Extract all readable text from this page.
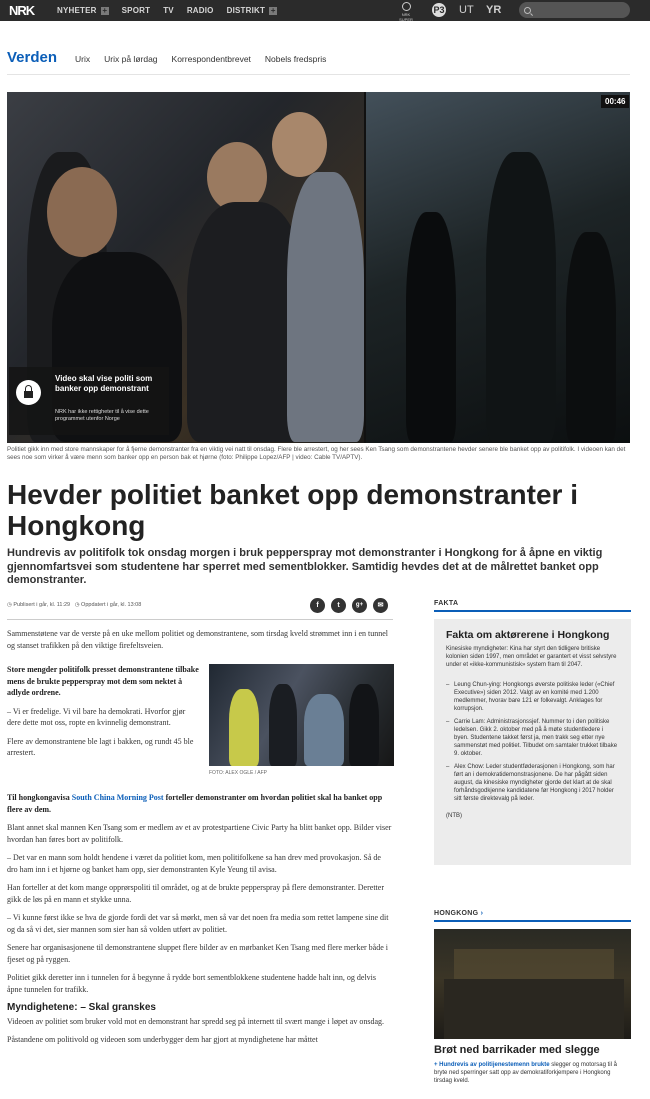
NRK	NYHETER + SPORT TV RADIO DISTRIKT +	NRK SUPER
P3 UT YR
Verden Urix Urix på lørdag Korrespondentbrevet Nobels fredspris
00:46
Video skal vise politi som banker opp demonstrant
NRK har ikke rettigheter til å vise dette programmet utenfor Norge
Politiet gikk inn med store mannskaper for å fjerne demonstranter fra en viktig vei natt til onsdag. Flere ble arrestert, og her sees Ken Tsang som demonstrantene hevder senere ble banket opp av politifolk. I videoen kan det sees noe som virker å være menn som banker opp en person bak et hjørne (foto: Philippe Lopez/AFP | video: Cable TV/APTV).
Hevder politiet banket opp demonstranter i Hongkong
Hundrevis av politifolk tok onsdag morgen i bruk pepperspray mot demonstranter i Hongkong for å åpne en viktig gjennomfartsvei som studentene har sperret med sementblokker. Samtidig hevdes det at de målrettet banket opp demonstranter.
◷ Publisert i går, kl. 11:29 ◷ Oppdatert i går, kl. 13:08	f	t	g+	✉

Sammenstøtene var de verste på en uke mellom politiet og demonstrantene, som tirsdag kveld strømmet inn i en tunnel og stanset trafikken på den viktige firefeltsveien.

Store mengder politifolk presset demonstrantene tilbake mens de brukte pepperspray mot dem som nektet å adlyde ordrene.

– Vi er fredelige. Vi vil bare ha demokrati. Hvorfor gjør dere dette mot oss, ropte en kvinnelig demonstrant.

Flere av demonstrantene ble lagt i bakken, og rundt 45 ble arrestert.

FOTO: ALEX OGLE / AFP

Til hongkongavisa South China Morning Post forteller demonstranter om hvordan politiet skal ha banket opp flere av dem.

Blant annet skal mannen Ken Tsang som er medlem av et av protestpartiene Civic Party ha blitt banket opp. Bilder viser hvordan han føres bort av politifolk.

– Det var en mann som holdt hendene i været da politiet kom, men politifolkene sa han drev med provokasjon. Så de dro ham inn i et hjørne og banket ham opp, sier demonstranten Kyle Yeung til avisa.

Han forteller at det kom mange opprørspoliti til området, og at de brukte pepperspray på flere demonstranter. Deretter gikk de løs på en mann et stykke unna.

– Vi kunne først ikke se hva de gjorde fordi det var så mørkt, men så var det noen fra media som rettet lampene sine dit og da så vi det, sier mannen som sier han så volden utført av politiet.

Senere har organisasjonene til demonstrantene sluppet flere bilder av en mørbanket Ken Tsang med flere merker både i fjeset og på ryggen.

Politiet gikk deretter inn i tunnelen for å begynne å rydde bort sementblokkene studentene hadde halt inn, og delvis åpne tunnelen for trafikk.

Myndighetene: – Skal granskes

Videoen av politiet som bruker vold mot en demonstrant har spredd seg på internett til svært mange i løpet av onsdag.

Påstandene om politivold og videoen som underbygger dem har gjort at myndighetene har måttet

FAKTA
Fakta om aktørerene i Hongkong
Kinesiske myndigheter: Kina har styrt den tidligere britiske kolonien siden 1997, men området er garantert et visst selvstyre under et «ikke-kommunistisk» system fram til 2047.
– Leung Chun-ying: Hongkongs øverste politiske leder («Chief Executive») siden 2012. Valgt av en komité med 1.200 medlemmer, hvorav bare 121 er folkevalgt. Anklages for korrupsjon.
– Carrie Lam: Administrasjonssjef. Nummer to i den politiske ledelsen. Gikk 2. oktober med på å møte studentledere i byen. Studentene takket først ja, men trakk seg etter nye sammenstøt med politiet. Tilbudet om samtaler trukket tilbake 9. oktober.
– Alex Chow: Leder studentføderasjonen i Hongkong, som har ført an i demokratidemonstrasjonene. De har pågått siden august, da kinesiske myndigheter gjorde det klart at de skal forhåndsgodkjenne kandidatene før Hongkong i 2017 holder sitt første direktevalg på leder.
(NTB)
HONGKONG ›
Brøt ned barrikader med slegge
+ Hundrevis av politijenestemenn brukte slegger og motorsag til å bryte ned sperringer satt opp av demokratiforkjempere i Hongkong tirsdag kveld.
